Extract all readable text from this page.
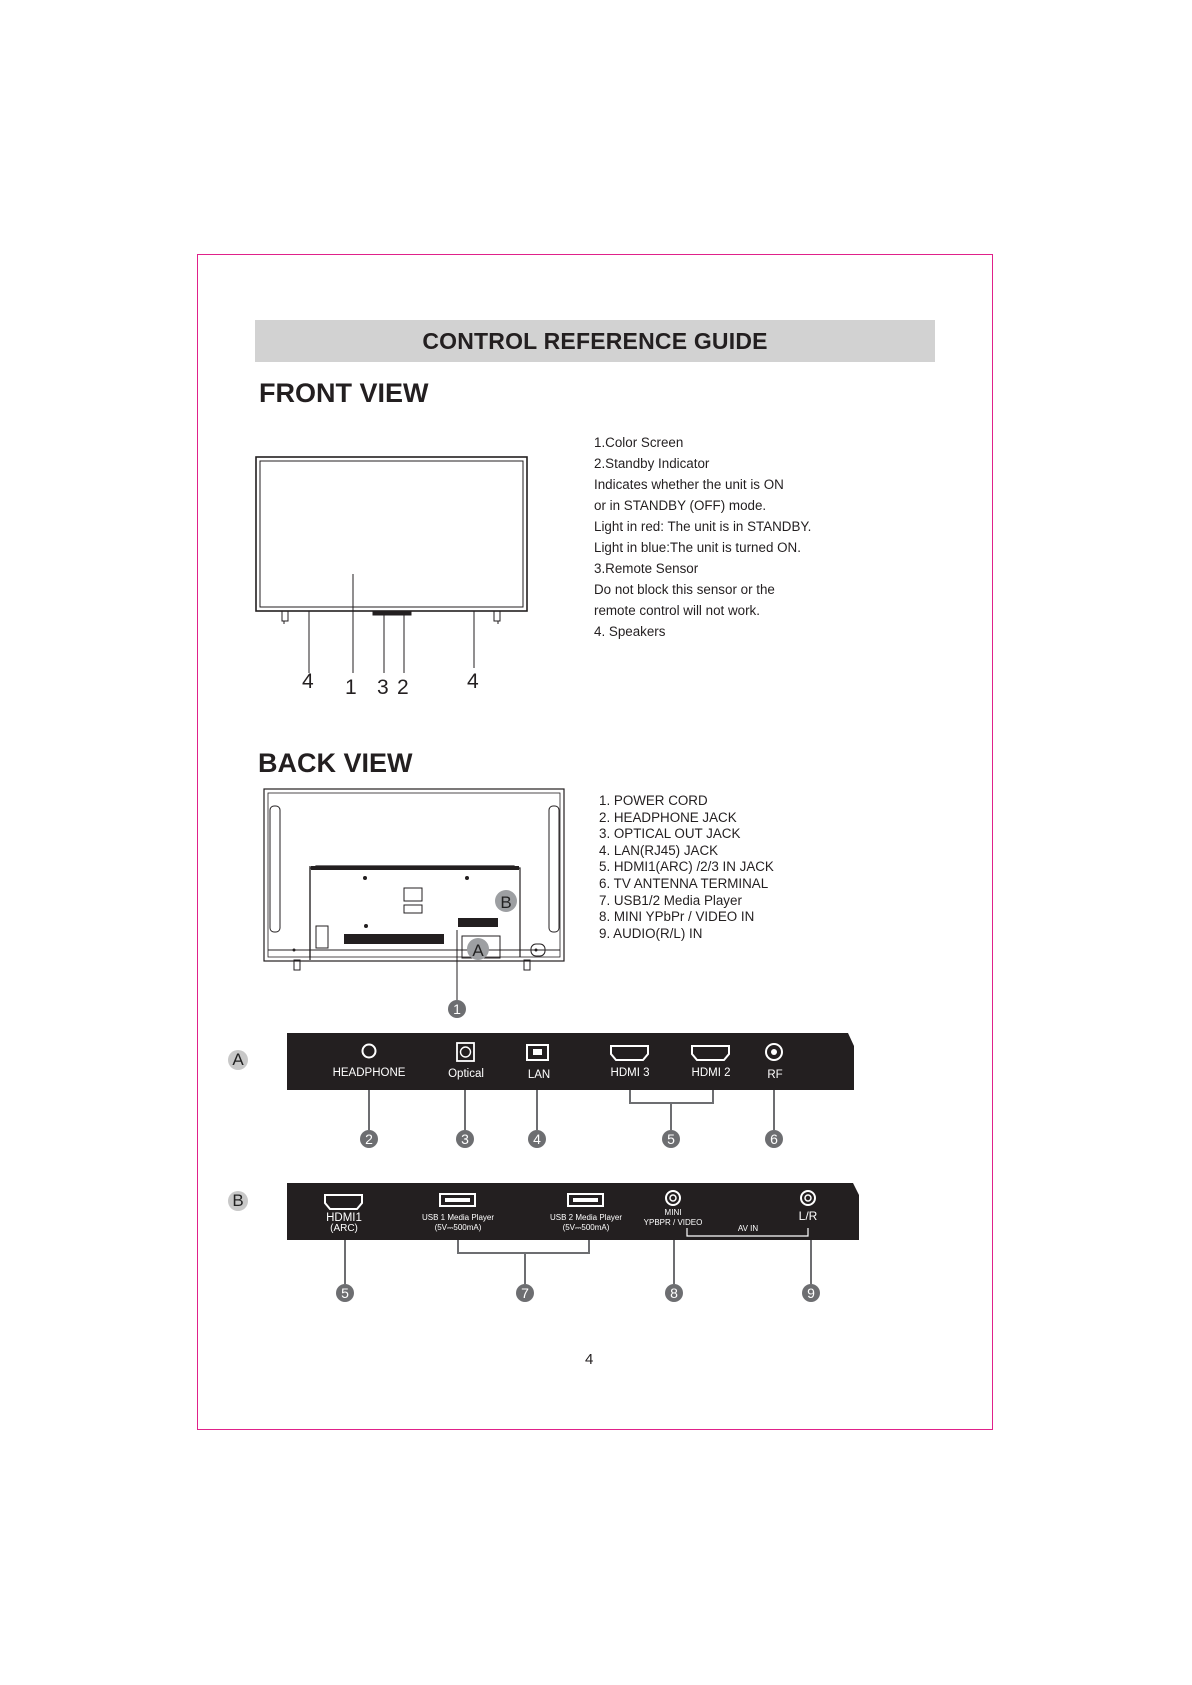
CONTROL REFERENCE GUIDE
FRONT VIEW
1.Color Screen
2.Standby Indicator
Indicates whether the unit is ON
or in STANDBY (OFF) mode.
Light in red: The unit is in STANDBY.
Light in blue:The unit is turned ON.
3.Remote Sensor
Do not block this sensor or the
remote control will not work.
4. Speakers
BACK VIEW
1. POWER CORD
2. HEADPHONE JACK
3. OPTICAL OUT JACK
4. LAN(RJ45) JACK
5. HDMI1(ARC) /2/3 IN JACK
6. TV ANTENNA TERMINAL
7. USB1/2 Media Player
8. MINI YPbPr / VIDEO IN
9. AUDIO(R/L) IN
B
A
1
2	3	4	5	6
5	7	8	9
4 1 3 2	4
A
HEADPHONE	Optical	LAN	HDMI 3	HDMI 2	RF
B
HDMI1
(ARC)
USB 1 Media Player
(5V⎓500mA)
USB 2 Media Player
(5V⎓500mA)
MINI
YPBPR / VIDEO
AV IN
L/R
4
